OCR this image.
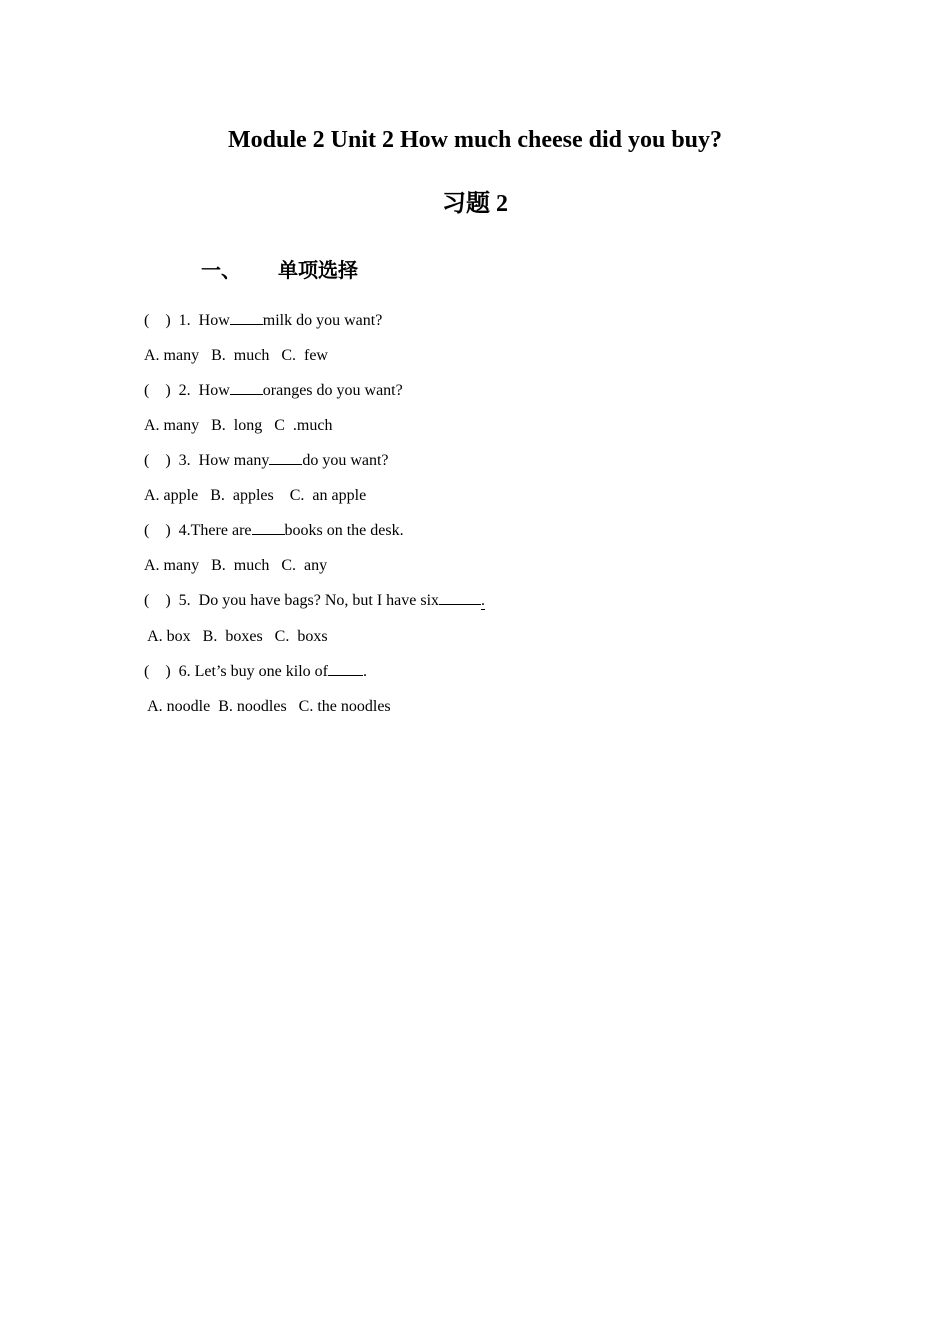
Module 2 Unit 2 How much cheese did you buy?
习题 2
一、 单项选择
(    )  1.  How milk do you want?
A. many   B.  much   C.  few
(    )  2.  How oranges do you want?
A. many   B.  long   C  .much
(    )  3.  How many do you want?
A. apple   B.  apples    C.  an apple
(    )  4.There are books on the desk.
A. many   B.  much   C.  any
(    )  5.  Do you have bags? No, but I have six	.
A. box   B.  boxes   C.  boxs
(    )  6. Let’s buy one kilo of .
A. noodle  B. noodles   C. the noodles
